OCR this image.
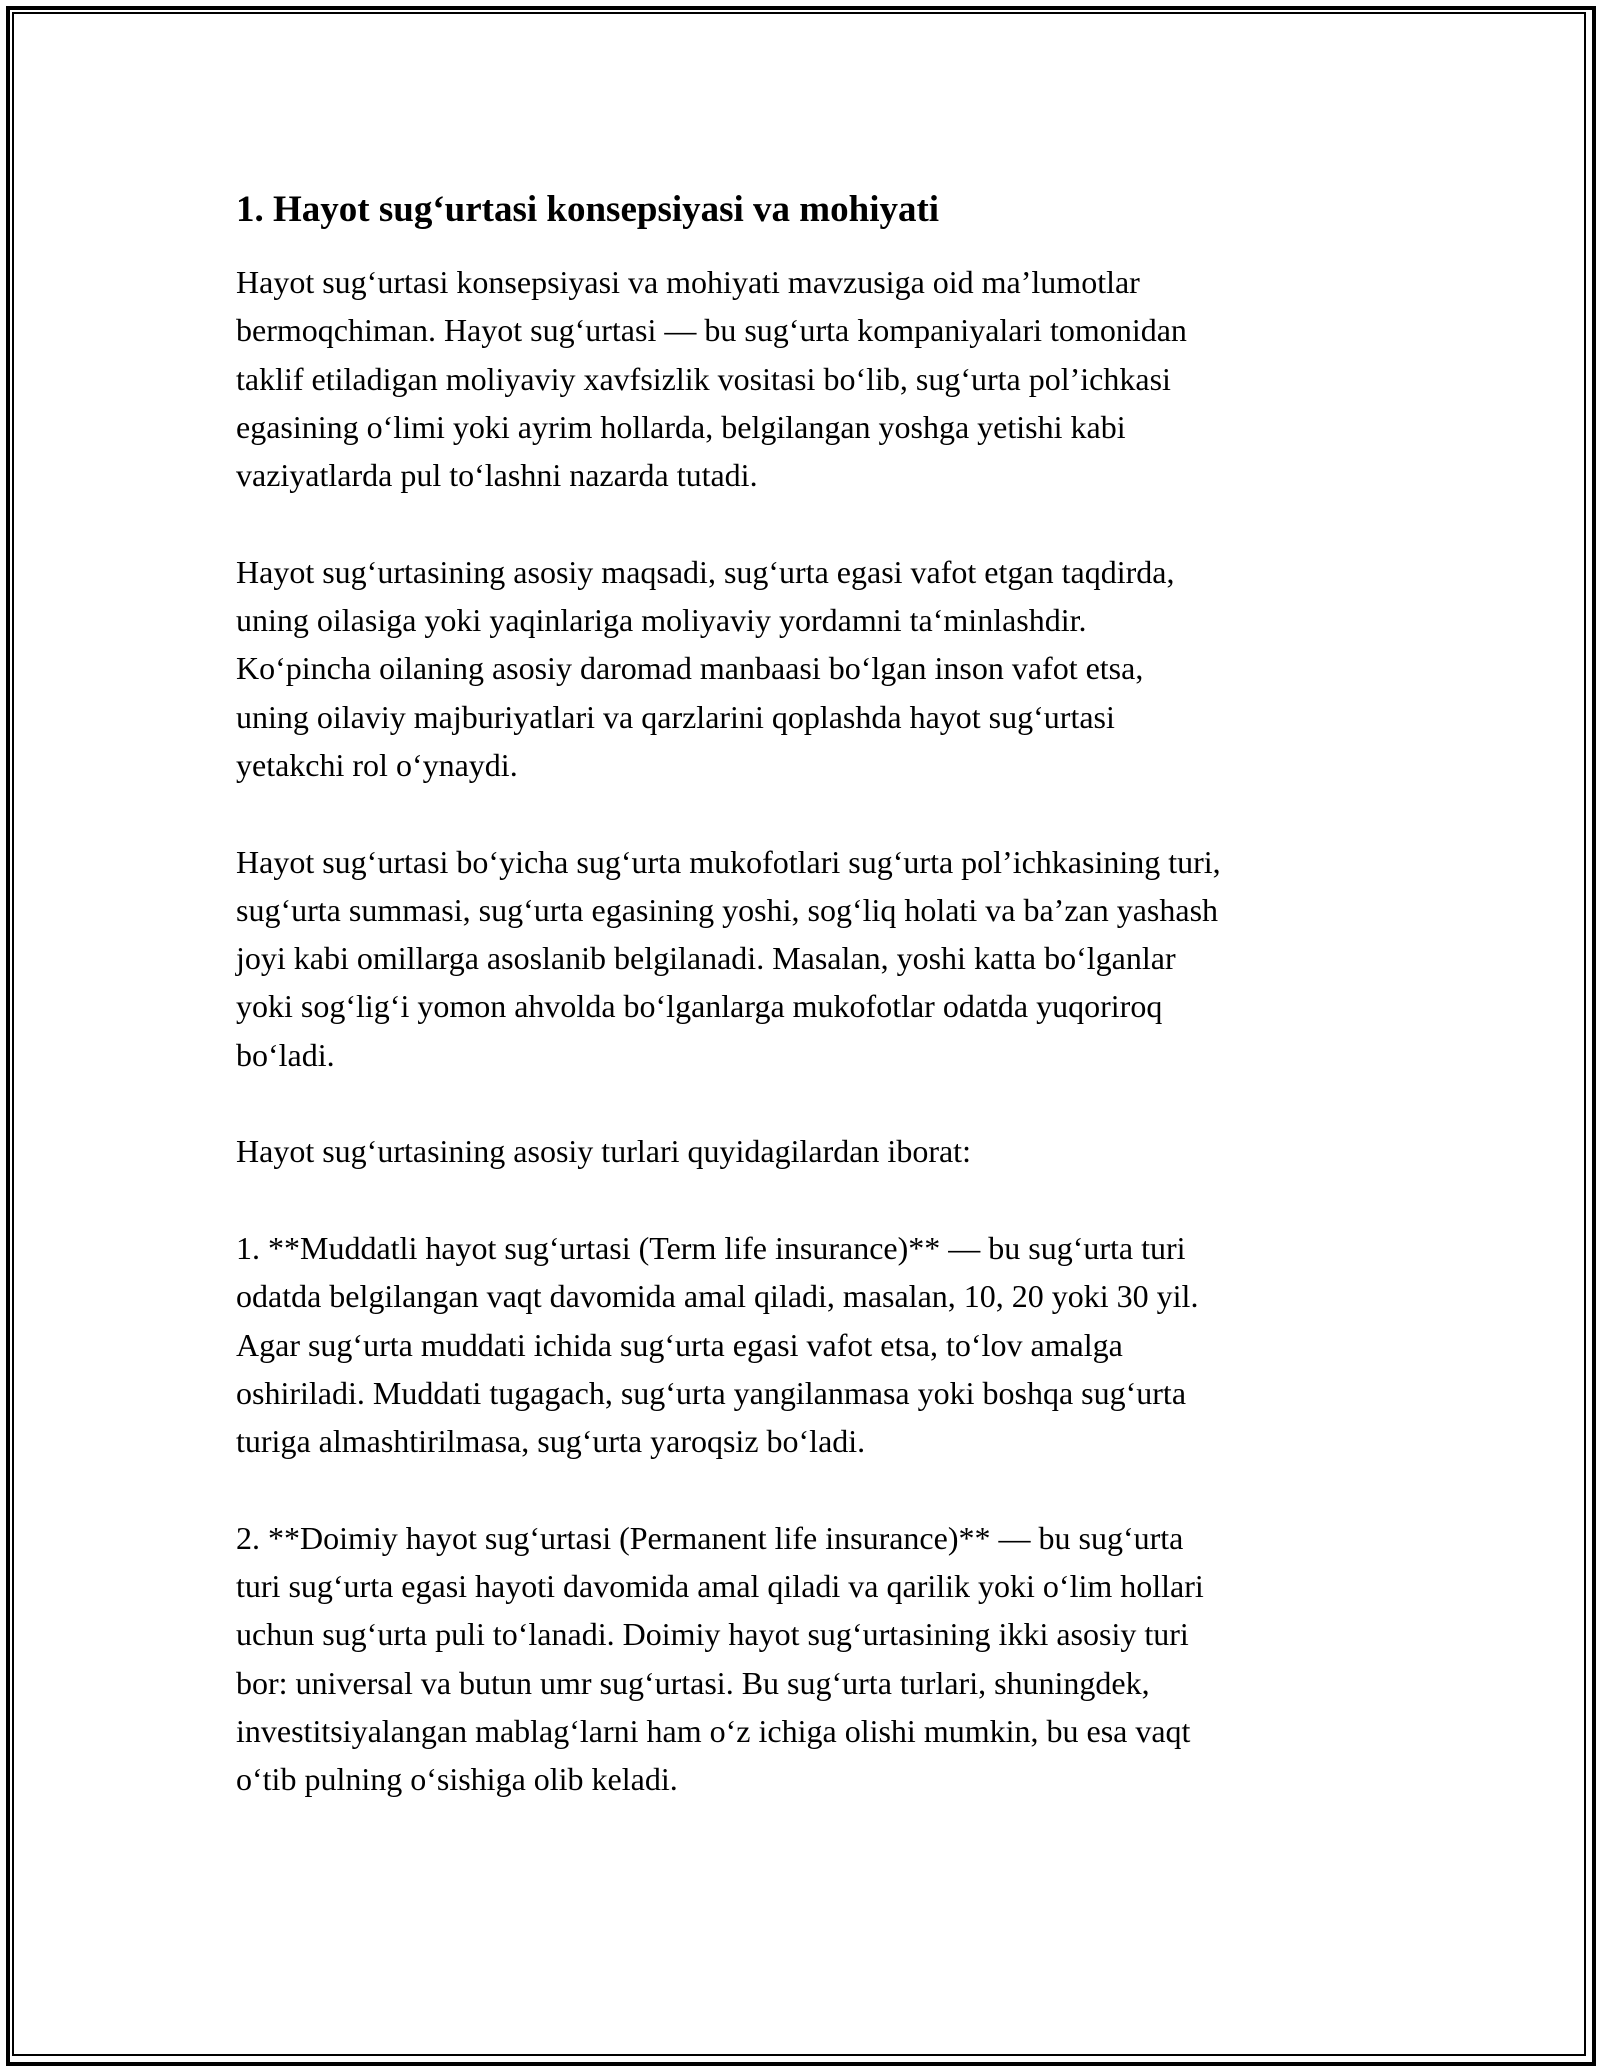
1. Hayot sug‘urtasi konsepsiyasi va mohiyati
Hayot sug‘urtasi konsepsiyasi va mohiyati mavzusiga oid ma’lumotlar
bermoqchiman. Hayot sug‘urtasi — bu sug‘urta kompaniyalari tomonidan
taklif etiladigan moliyaviy xavfsizlik vositasi bo‘lib, sug‘urta pol’ichkasi
egasining o‘limi yoki ayrim hollarda, belgilangan yoshga yetishi kabi
vaziyatlarda pul to‘lashni nazarda tutadi.
Hayot sug‘urtasining asosiy maqsadi, sug‘urta egasi vafot etgan taqdirda,
uning oilasiga yoki yaqinlariga moliyaviy yordamni ta‘minlashdir.
Ko‘pincha oilaning asosiy daromad manbaasi bo‘lgan inson vafot etsa,
uning oilaviy majburiyatlari va qarzlarini qoplashda hayot sug‘urtasi
yetakchi rol o‘ynaydi.
Hayot sug‘urtasi bo‘yicha sug‘urta mukofotlari sug‘urta pol’ichkasining turi,
sug‘urta summasi, sug‘urta egasining yoshi, sog‘liq holati va ba’zan yashash
joyi kabi omillarga asoslanib belgilanadi. Masalan, yoshi katta bo‘lganlar
yoki sog‘lig‘i yomon ahvolda bo‘lganlarga mukofotlar odatda yuqoriroq
bo‘ladi.
Hayot sug‘urtasining asosiy turlari quyidagilardan iborat:
1. **Muddatli hayot sug‘urtasi (Term life insurance)** — bu sug‘urta turi
odatda belgilangan vaqt davomida amal qiladi, masalan, 10, 20 yoki 30 yil.
Agar sug‘urta muddati ichida sug‘urta egasi vafot etsa, to‘lov amalga
oshiriladi. Muddati tugagach, sug‘urta yangilanmasa yoki boshqa sug‘urta
turiga almashtirilmasa, sug‘urta yaroqsiz bo‘ladi.
2. **Doimiy hayot sug‘urtasi (Permanent life insurance)** — bu sug‘urta
turi sug‘urta egasi hayoti davomida amal qiladi va qarilik yoki o‘lim hollari
uchun sug‘urta puli to‘lanadi. Doimiy hayot sug‘urtasining ikki asosiy turi
bor: universal va butun umr sug‘urtasi. Bu sug‘urta turlari, shuningdek,
investitsiyalangan mablag‘larni ham o‘z ichiga olishi mumkin, bu esa vaqt
o‘tib pulning o‘sishiga olib keladi.
